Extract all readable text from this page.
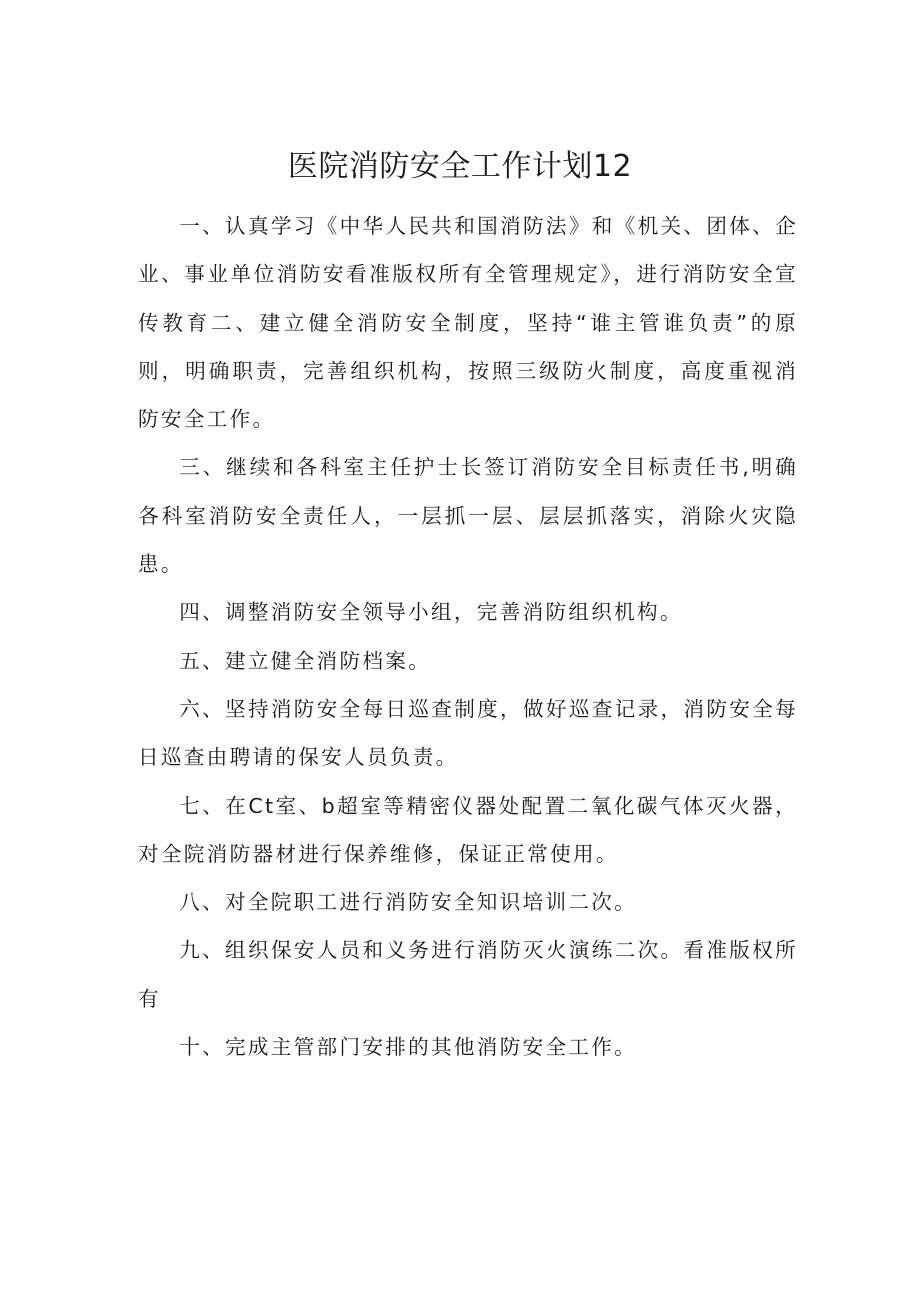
医院消防安全工作计划12

一、认真学习《中华人民共和国消防法》和《机关、团体、企业、事业单位消防安看准版权所有全管理规定》，进行消防安全宣传教育二、建立健全消防安全制度，坚持“谁主管谁负责”的原则，明确职责，完善组织机构，按照三级防火制度，高度重视消防安全工作。

三、继续和各科室主任护士长签订消防安全目标责任书,明确各科室消防安全责任人，一层抓一层、层层抓落实，消除火灾隐患。

四、调整消防安全领导小组，完善消防组织机构。

五、建立健全消防档案。

六、坚持消防安全每日巡查制度，做好巡查记录，消防安全每日巡查由聘请的保安人员负责。

七、在Ct室、b超室等精密仪器处配置二氧化碳气体灭火器，对全院消防器材进行保养维修，保证正常使用。

八、对全院职工进行消防安全知识培训二次。

九、组织保安人员和义务进行消防灭火演练二次。看准版权所有

十、完成主管部门安排的其他消防安全工作。
